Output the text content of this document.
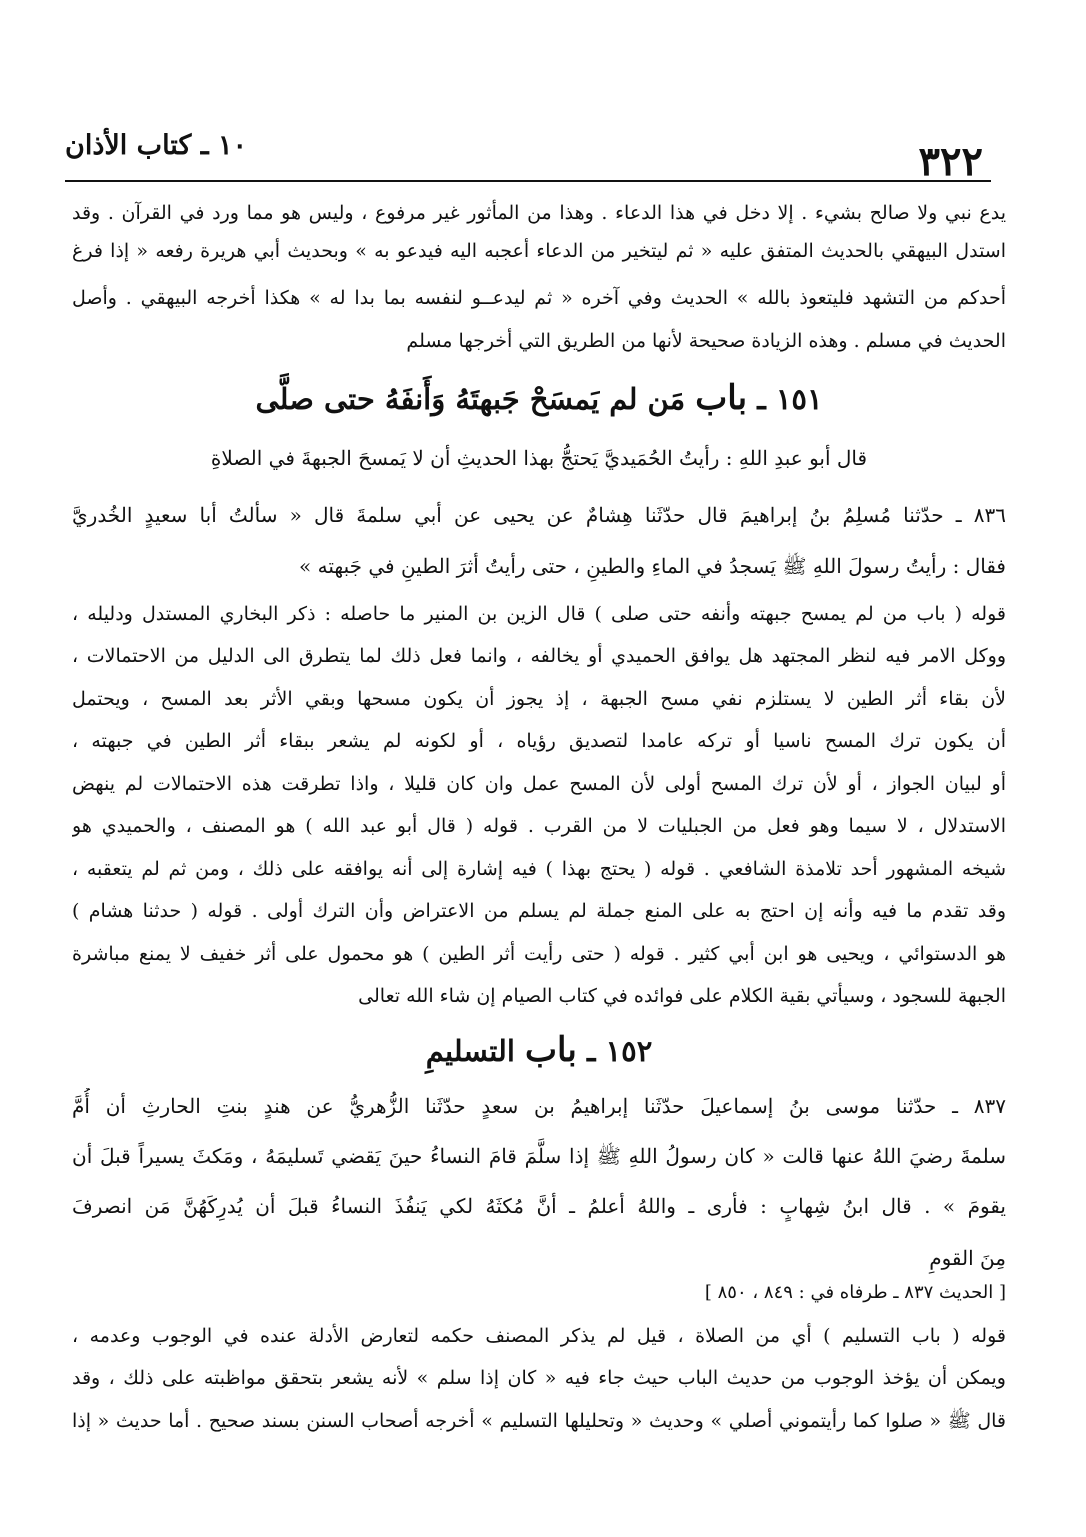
٣٢٢
١٠ ـ كتاب الأذان
يدع نبي ولا صالح بشيء . إلا دخل في هذا الدعاء . وهذا من المأثور غير مرفوع ، وليس هو مما ورد في القرآن . وقد
استدل البيهقي بالحديث المتفق عليه « ثم ليتخير من الدعاء أعجبه اليه فيدعو به » وبحديث أبي هريرة رفعه « إذا فرغ
أحدكم من التشهد فليتعوذ بالله » الحديث وفي آخره « ثم ليدعــو لنفسه بما بدا له » هكذا أخرجه البيهقي . وأصل
الحديث في مسلم . وهذه الزيادة صحيحة لأنها من الطريق التي أخرجها مسلم
١٥١ ـ باب مَن لم يَمسَحْ جَبهتَهُ وَأَنفَهُ حتى صلَّى
قال أبو عبدِ اللهِ : رأيتُ الحُمَيديَّ يَحتجُّ بهذا الحديثِ أن لا يَمسحَ الجبهةَ في الصلاةِ
٨٣٦ ـ حدّثنا مُسلِمُ بنُ إبراهيمَ قال حدّثَنا هِشامٌ عن يحيى عن أبي سلمةَ قال « سألتُ أبا سعيدٍ الخُدريَّ
فقال : رأيتُ رسولَ اللهِ ﷺ يَسجدُ في الماءِ والطينِ ، حتى رأيتُ أثرَ الطينِ في جَبهته »
قوله ( باب من لم يمسح جبهته وأنفه حتى صلى ) قال الزين بن المنير ما حاصله : ذكر البخاري المستدل ودليله ،
ووكل الامر فيه لنظر المجتهد هل يوافق الحميدي أو يخالفه ، وانما فعل ذلك لما يتطرق الى الدليل من الاحتمالات ،
لأن بقاء أثر الطين لا يستلزم نفي مسح الجبهة ، إذ يجوز أن يكون مسحها وبقي الأثر بعد المسح ، ويحتمل
أن يكون ترك المسح ناسيا أو تركه عامدا لتصديق رؤياه ، أو لكونه لم يشعر ببقاء أثر الطين في جبهته ،
أو لبيان الجواز ، أو لأن ترك المسح أولى لأن المسح عمل وان كان قليلا ، واذا تطرقت هذه الاحتمالات لم ينهض
الاستدلال ، لا سيما وهو فعل من الجبليات لا من القرب . قوله ( قال أبو عبد الله ) هو المصنف ، والحميدي هو
شيخه المشهور أحد تلامذة الشافعي . قوله ( يحتج بهذا ) فيه إشارة إلى أنه يوافقه على ذلك ، ومن ثم لم يتعقبه ،
وقد تقدم ما فيه وأنه إن احتج به على المنع جملة لم يسلم من الاعتراض وأن الترك أولى . قوله ( حدثنا هشام )
هو الدستوائي ، ويحيى هو ابن أبي كثير . قوله ( حتى رأيت أثر الطين ) هو محمول على أثر خفيف لا يمنع مباشرة
الجبهة للسجود ، وسيأتي بقية الكلام على فوائده في كتاب الصيام إن شاء الله تعالى
١٥٢ ـ باب التسليمِ
٨٣٧ ـ حدّثنا موسى بنُ إسماعيلَ حدّثَنا إبراهيمُ بن سعدٍ حدّثَنا الزُّهريُّ عن هندٍ بنتِ الحارثِ أن أُمَّ
سلمةَ رضيَ اللهُ عنها قالت « كان رسولُ اللهِ ﷺ إذا سلَّمَ قامَ النساءُ حينَ يَقضي تَسليمَهُ ، ومَكثَ يسيراً قبلَ أن
يقومَ » . قال ابنُ شِهابٍ : فأرى ـ واللهُ أعلمُ ـ أنَّ مُكثَهُ لكي يَنفُذَ النساءُ قبلَ أن يُدرِكَهُنَّ مَن انصرفَ
مِنَ القومِ
[ الحديث ٨٣٧ ـ طرفاه في : ٨٤٩ ، ٨٥٠ ]
قوله ( باب التسليم ) أي من الصلاة ، قيل لم يذكر المصنف حكمه لتعارض الأدلة عنده في الوجوب وعدمه ،
ويمكن أن يؤخذ الوجوب من حديث الباب حيث جاء فيه « كان إذا سلم » لأنه يشعر بتحقق مواظبته على ذلك ، وقد
قال ﷺ « صلوا كما رأيتموني أصلي » وحديث « وتحليلها التسليم » أخرجه أصحاب السنن بسند صحيح . أما حديث « إذا
